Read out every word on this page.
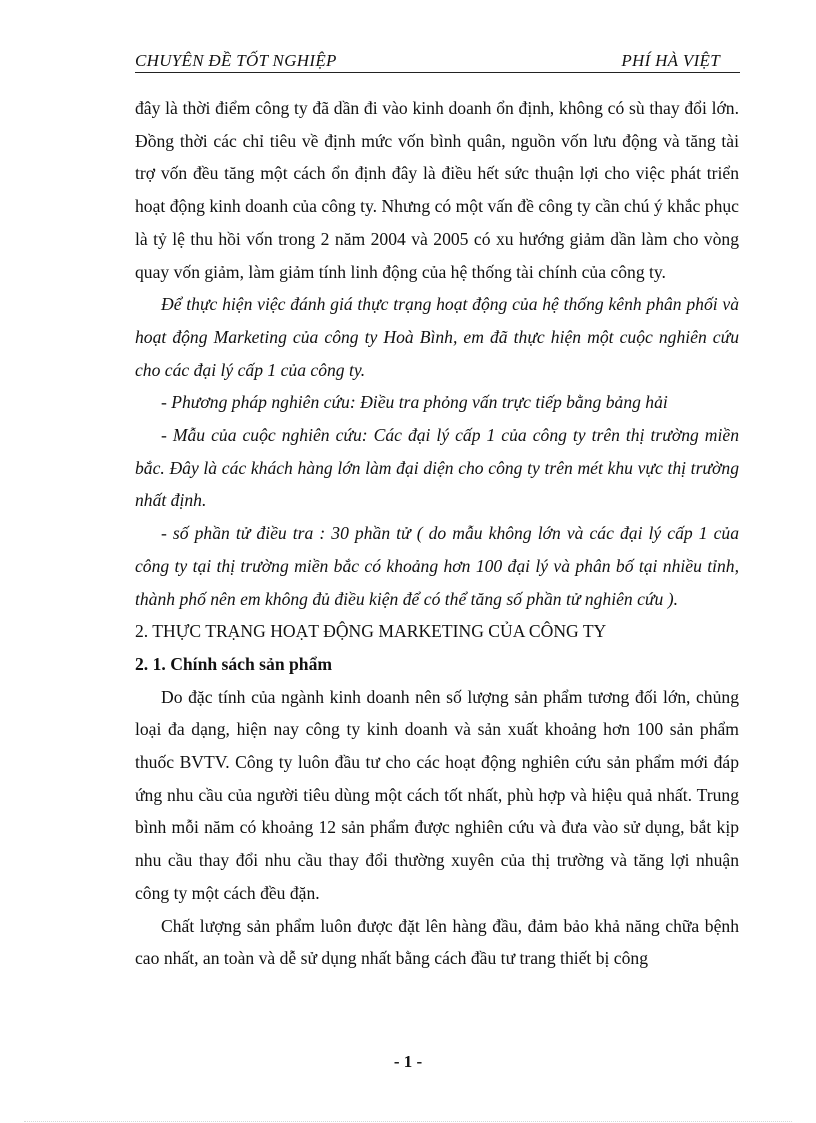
CHUYÊN ĐỀ TỐT NGHIỆP	PHÍ HÀ VIỆT

đây là thời điểm công ty đã dần đi vào kinh doanh ổn định, không có sù thay đổi lớn. Đồng thời các chỉ tiêu về định mức vốn bình quân, nguồn vốn lưu động và tăng tài trợ vốn đều tăng một cách ổn định đây là điều hết sức thuận lợi cho việc phát triển hoạt động kinh doanh của công ty. Nhưng có một vấn đề công ty cần chú ý khắc phục là tỷ lệ thu hồi vốn trong 2 năm 2004 và 2005 có xu hướng giảm dần làm cho vòng quay vốn giảm, làm giảm tính linh động của hệ thống tài chính của công ty.

Để thực hiện việc đánh giá thực trạng hoạt động của hệ thống kênh phân phối và hoạt động Marketing của công ty Hoà Bình, em đã thực hiện một cuộc nghiên cứu cho các đại lý cấp 1 của công ty.

- Phương pháp nghiên cứu: Điều tra phỏng vấn trực tiếp bằng bảng hải

- Mẫu của cuộc nghiên cứu: Các đại lý cấp 1 của công ty trên thị trường miền bắc. Đây là các khách hàng lớn làm đại diện cho công ty trên mét khu vực thị trường nhất định.

- số phần tử điều tra : 30 phần tử ( do mẫu không lớn và các đại lý cấp 1 của công ty tại thị trường miền bắc có khoảng hơn 100 đại lý và phân bố tại nhiều tỉnh, thành phố nên em không đủ điều kiện để có thể tăng số phần tử nghiên cứu ).

2. THỰC TRẠNG HOẠT ĐỘNG MARKETING CỦA CÔNG TY

2. 1. Chính sách sản phẩm

Do đặc tính của ngành kinh doanh nên số lượng sản phẩm tương đối lớn, chủng loại đa dạng, hiện nay công ty kinh doanh và sản xuất khoảng hơn 100 sản phẩm thuốc BVTV. Công ty luôn đầu tư cho các hoạt động nghiên cứu sản phẩm mới đáp ứng nhu cầu của người tiêu dùng một cách tốt nhất, phù hợp và hiệu quả nhất. Trung bình mỗi năm có khoảng 12 sản phẩm được nghiên cứu và đưa vào sử dụng, bắt kịp nhu cầu thay đổi nhu cầu thay đổi thường xuyên của thị trường và tăng lợi nhuận công ty một cách đều đặn.

Chất lượng sản phẩm luôn được đặt lên hàng đầu, đảm bảo khả năng chữa bệnh cao nhất, an toàn và dễ sử dụng nhất bằng cách đầu tư trang thiết bị công

- 1 -
